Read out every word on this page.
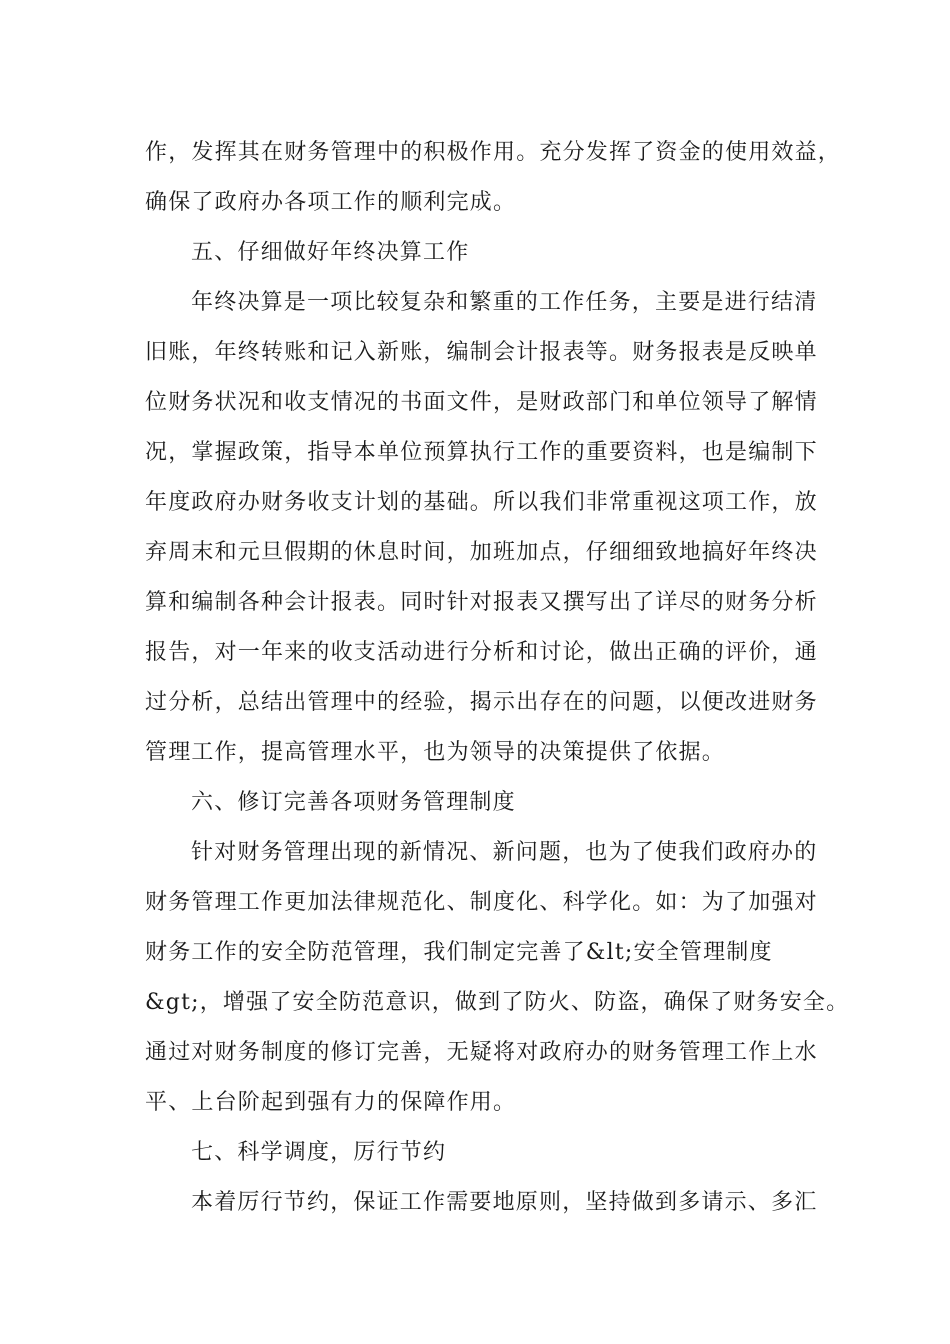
作，发挥其在财务管理中的积极作用。充分发挥了资金的使用效益，
确保了政府办各项工作的顺利完成。
五、仔细做好年终决算工作
年终决算是一项比较复杂和繁重的工作任务，主要是进行结清
旧账，年终转账和记入新账，编制会计报表等。财务报表是反映单
位财务状况和收支情况的书面文件，是财政部门和单位领导了解情
况，掌握政策，指导本单位预算执行工作的重要资料，也是编制下
年度政府办财务收支计划的基础。所以我们非常重视这项工作，放
弃周末和元旦假期的休息时间，加班加点，仔细细致地搞好年终决
算和编制各种会计报表。同时针对报表又撰写出了详尽的财务分析
报告，对一年来的收支活动进行分析和讨论，做出正确的评价，通
过分析，总结出管理中的经验，揭示出存在的问题，以便改进财务
管理工作，提高管理水平，也为领导的决策提供了依据。
六、修订完善各项财务管理制度
针对财务管理出现的新情况、新问题，也为了使我们政府办的
财务管理工作更加法律规范化、制度化、科学化。如：为了加强对
财务工作的安全防范管理，我们制定完善了&lt;安全管理制度
&gt;，增强了安全防范意识，做到了防火、防盗，确保了财务安全。
通过对财务制度的修订完善，无疑将对政府办的财务管理工作上水
平、上台阶起到强有力的保障作用。
七、科学调度，厉行节约
本着厉行节约，保证工作需要地原则，坚持做到多请示、多汇
